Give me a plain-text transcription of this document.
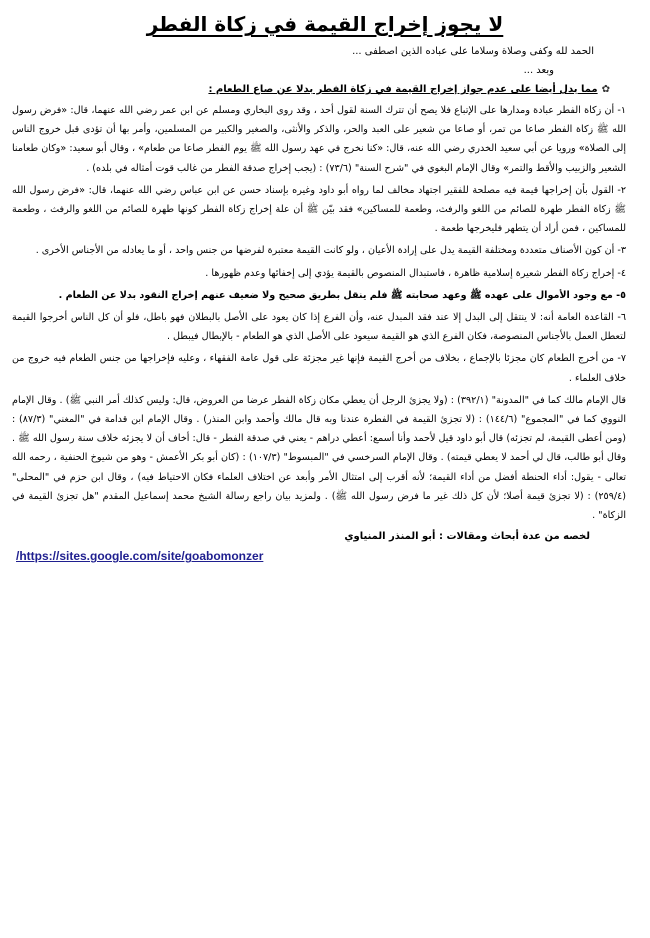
لا يجوز إخراج القيمة في زكاة الفطر
الحمد لله وكفى وصلاة وسلاما على عباده الذين اصطفى ...
وبعد ...
✿مما يدل أيضا على عدم جواز إخراج القيمة في زكاة الفطر بدلا عن صاع الطعام :

١- أن زكاة الفطر عبادة ومدارها على الإتباع فلا يصح أن تترك السنة لقول أحد ، وقد روى البخاري ومسلم عن ابن عمر رضي الله عنهما، قال: «فرض رسول الله ﷺ زكاة الفطر صاعا من تمر، أو صاعا من شعير على العبد والحر، والذكر والأنثى، والصغير والكبير من المسلمين، وأمر بها أن تؤدى قبل خروج الناس إلى الصلاة» ورويا عن أبي سعيد الخدري رضي الله عنه، قال: «كنا نخرج في عهد رسول الله ﷺ يوم الفطر صاعا من طعام» ، وقال أبو سعيد: «وكان طعامنا الشعير والزبيب والأقط والتمر» وقال الإمام البغوي في "شرح السنة" (٧٣/٦) : (يجب إخراج صدقة الفطر من غالب قوت أمثاله في بلده) .

٢- القول بأن إخراجها قيمة فيه مصلحة للفقير اجتهاد مخالف لما رواه أبو داود وغيره بإسناد حسن عن ابن عباس رضي الله عنهما، قال: «فرض رسول الله ﷺ زكاة الفطر طهرة للصائم من اللغو والرفث، وطعمة للمساكين» فقد بيّن ﷺ أن علة إخراج زكاة الفطر كونها طهرة للصائم من اللغو والرفث ، وطعمة للمساكين ، فمن أراد أن يتطهر فليخرجها طعمة .

٣- أن كون الأصناف متعددة ومختلفة القيمة يدل على إرادة الأعيان ، ولو كانت القيمة معتبرة لفرضها من جنس واحد ، أو ما يعادله من الأجناس الأخرى .

٤- إخراج زكاة الفطر شعيرة إسلامية ظاهرة ، فاستبدال المنصوص بالقيمة يؤدي إلى إخفائها وعدم ظهورها .

٥- مع وجود الأموال على عهده ﷺ وعهد صحابته ﷺ فلم ينقل بطريق صحيح ولا ضعيف عنهم إخراج النقود بدلا عن الطعام .

٦- القاعدة العامة أنه: لا ينتقل إلى البدل إلا عند فقد المبدل عنه، وأن الفرع إذا كان يعود على الأصل بالبطلان فهو باطل، فلو أن كل الناس أخرجوا القيمة لتعطل العمل بالأجناس المنصوصة، فكان الفرع الذي هو القيمة سيعود على الأصل الذي هو الطعام - بالإبطال فيبطل .

٧- من أخرج الطعام كان مجزئا بالإجماع ، بخلاف من أخرج القيمة فإنها غير مجزئة على قول عامة الفقهاء ، وعليه فإخراجها من جنس الطعام فيه خروج من خلاف العلماء .

قال الإمام مالك كما في "المدونة" (٣٩٢/١) : (ولا يجزئ الرجل أن يعطي مكان زكاة الفطر عرضا من العروض، قال: وليس كذلك أمر النبي ﷺ) . وقال الإمام النووي كما في "المجموع" (١٤٤/٦) : (لا تجزئ القيمة في الفطرة عندنا وبه قال مالك وأحمد وابن المنذر) . وقال الإمام ابن قدامة في "المغني" (٨٧/٣) : (ومن أعطى القيمة، لم تجزئه) قال أبو داود قيل لأحمد وأنا أسمع: أعطي دراهم - يعني في صدقة الفطر - قال: أخاف أن لا يجزئه خلاف سنة رسول الله ﷺ . وقال أبو طالب، قال لي أحمد لا يعطي قيمته) . وقال الإمام السرخسي في "المبسوط" (١٠٧/٣) : (كان أبو بكر الأعمش - وهو من شيوخ الحنفية ، رحمه الله تعالى - يقول: أداء الحنطة أفضل من أداء القيمة؛ لأنه أقرب إلى امتثال الأمر وأبعد عن اختلاف العلماء فكان الاحتياط فيه) ، وقال ابن حزم في "المحلى" (٢٥٩/٤) : (لا تجزئ قيمة أصلا؛ لأن كل ذلك غير ما فرض رسول الله ﷺ) . ولمزيد بيان راجع رسالة الشيخ محمد إسماعيل المقدم "هل تجزئ القيمة في الزكاة" .

لخصه من عدة أبحاث ومقالات : أبو المنذر المنياوي
/https://sites.google.com/site/goabomonzer
